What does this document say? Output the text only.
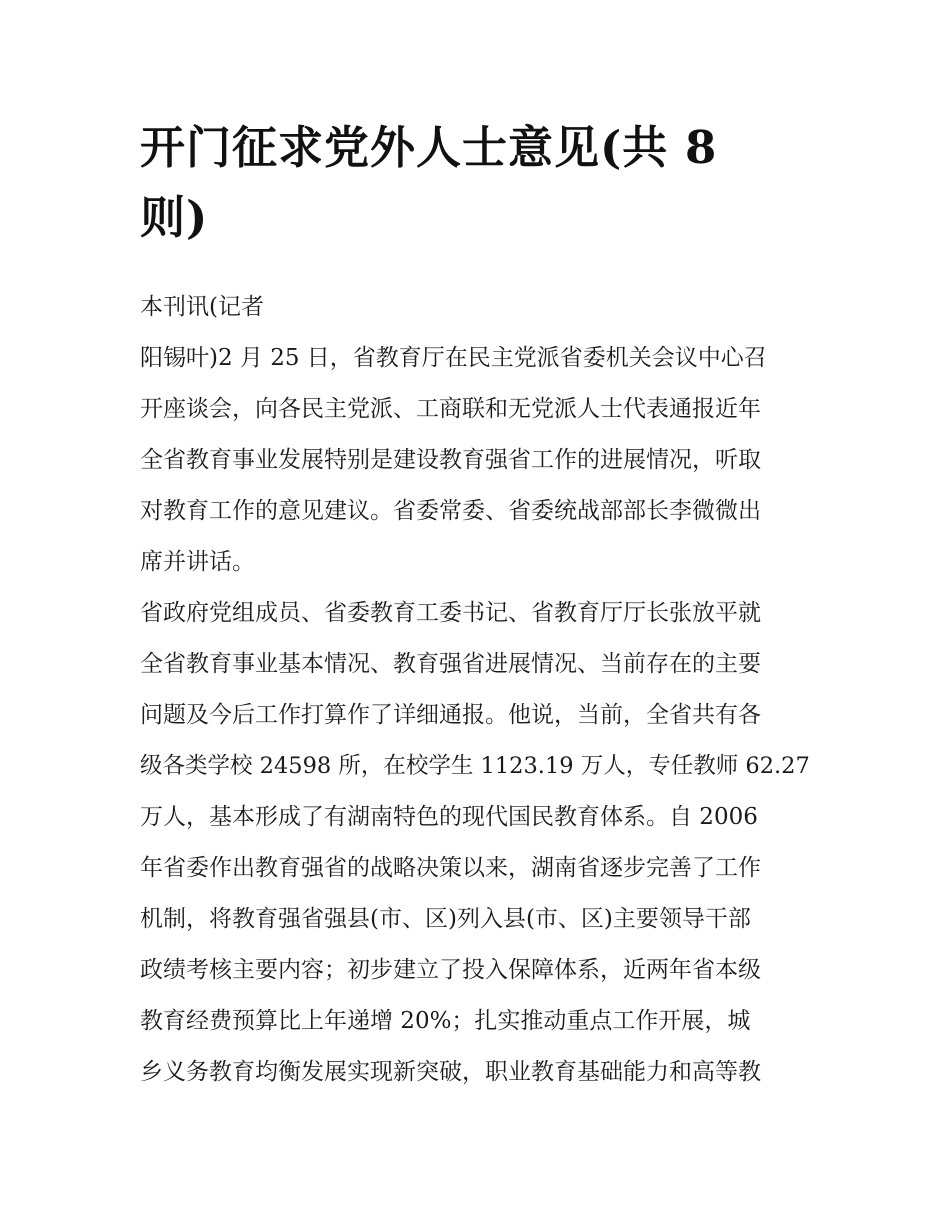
开门征求党外人士意见(共 8
则)
本刊讯(记者
阳锡叶)2 月 25 日，省教育厅在民主党派省委机关会议中心召
开座谈会，向各民主党派、工商联和无党派人士代表通报近年
全省教育事业发展特别是建设教育强省工作的进展情况，听取
对教育工作的意见建议。省委常委、省委统战部部长李微微出
席并讲话。
省政府党组成员、省委教育工委书记、省教育厅厅长张放平就
全省教育事业基本情况、教育强省进展情况、当前存在的主要
问题及今后工作打算作了详细通报。他说，当前，全省共有各
级各类学校 24598 所，在校学生 1123.19 万人，专任教师 62.27
万人，基本形成了有湖南特色的现代国民教育体系。自 2006
年省委作出教育强省的战略决策以来，湖南省逐步完善了工作
机制，将教育强省强县(市、区)列入县(市、区)主要领导干部
政绩考核主要内容；初步建立了投入保障体系，近两年省本级
教育经费预算比上年递增 20%；扎实推动重点工作开展，城
乡义务教育均衡发展实现新突破，职业教育基础能力和高等教
